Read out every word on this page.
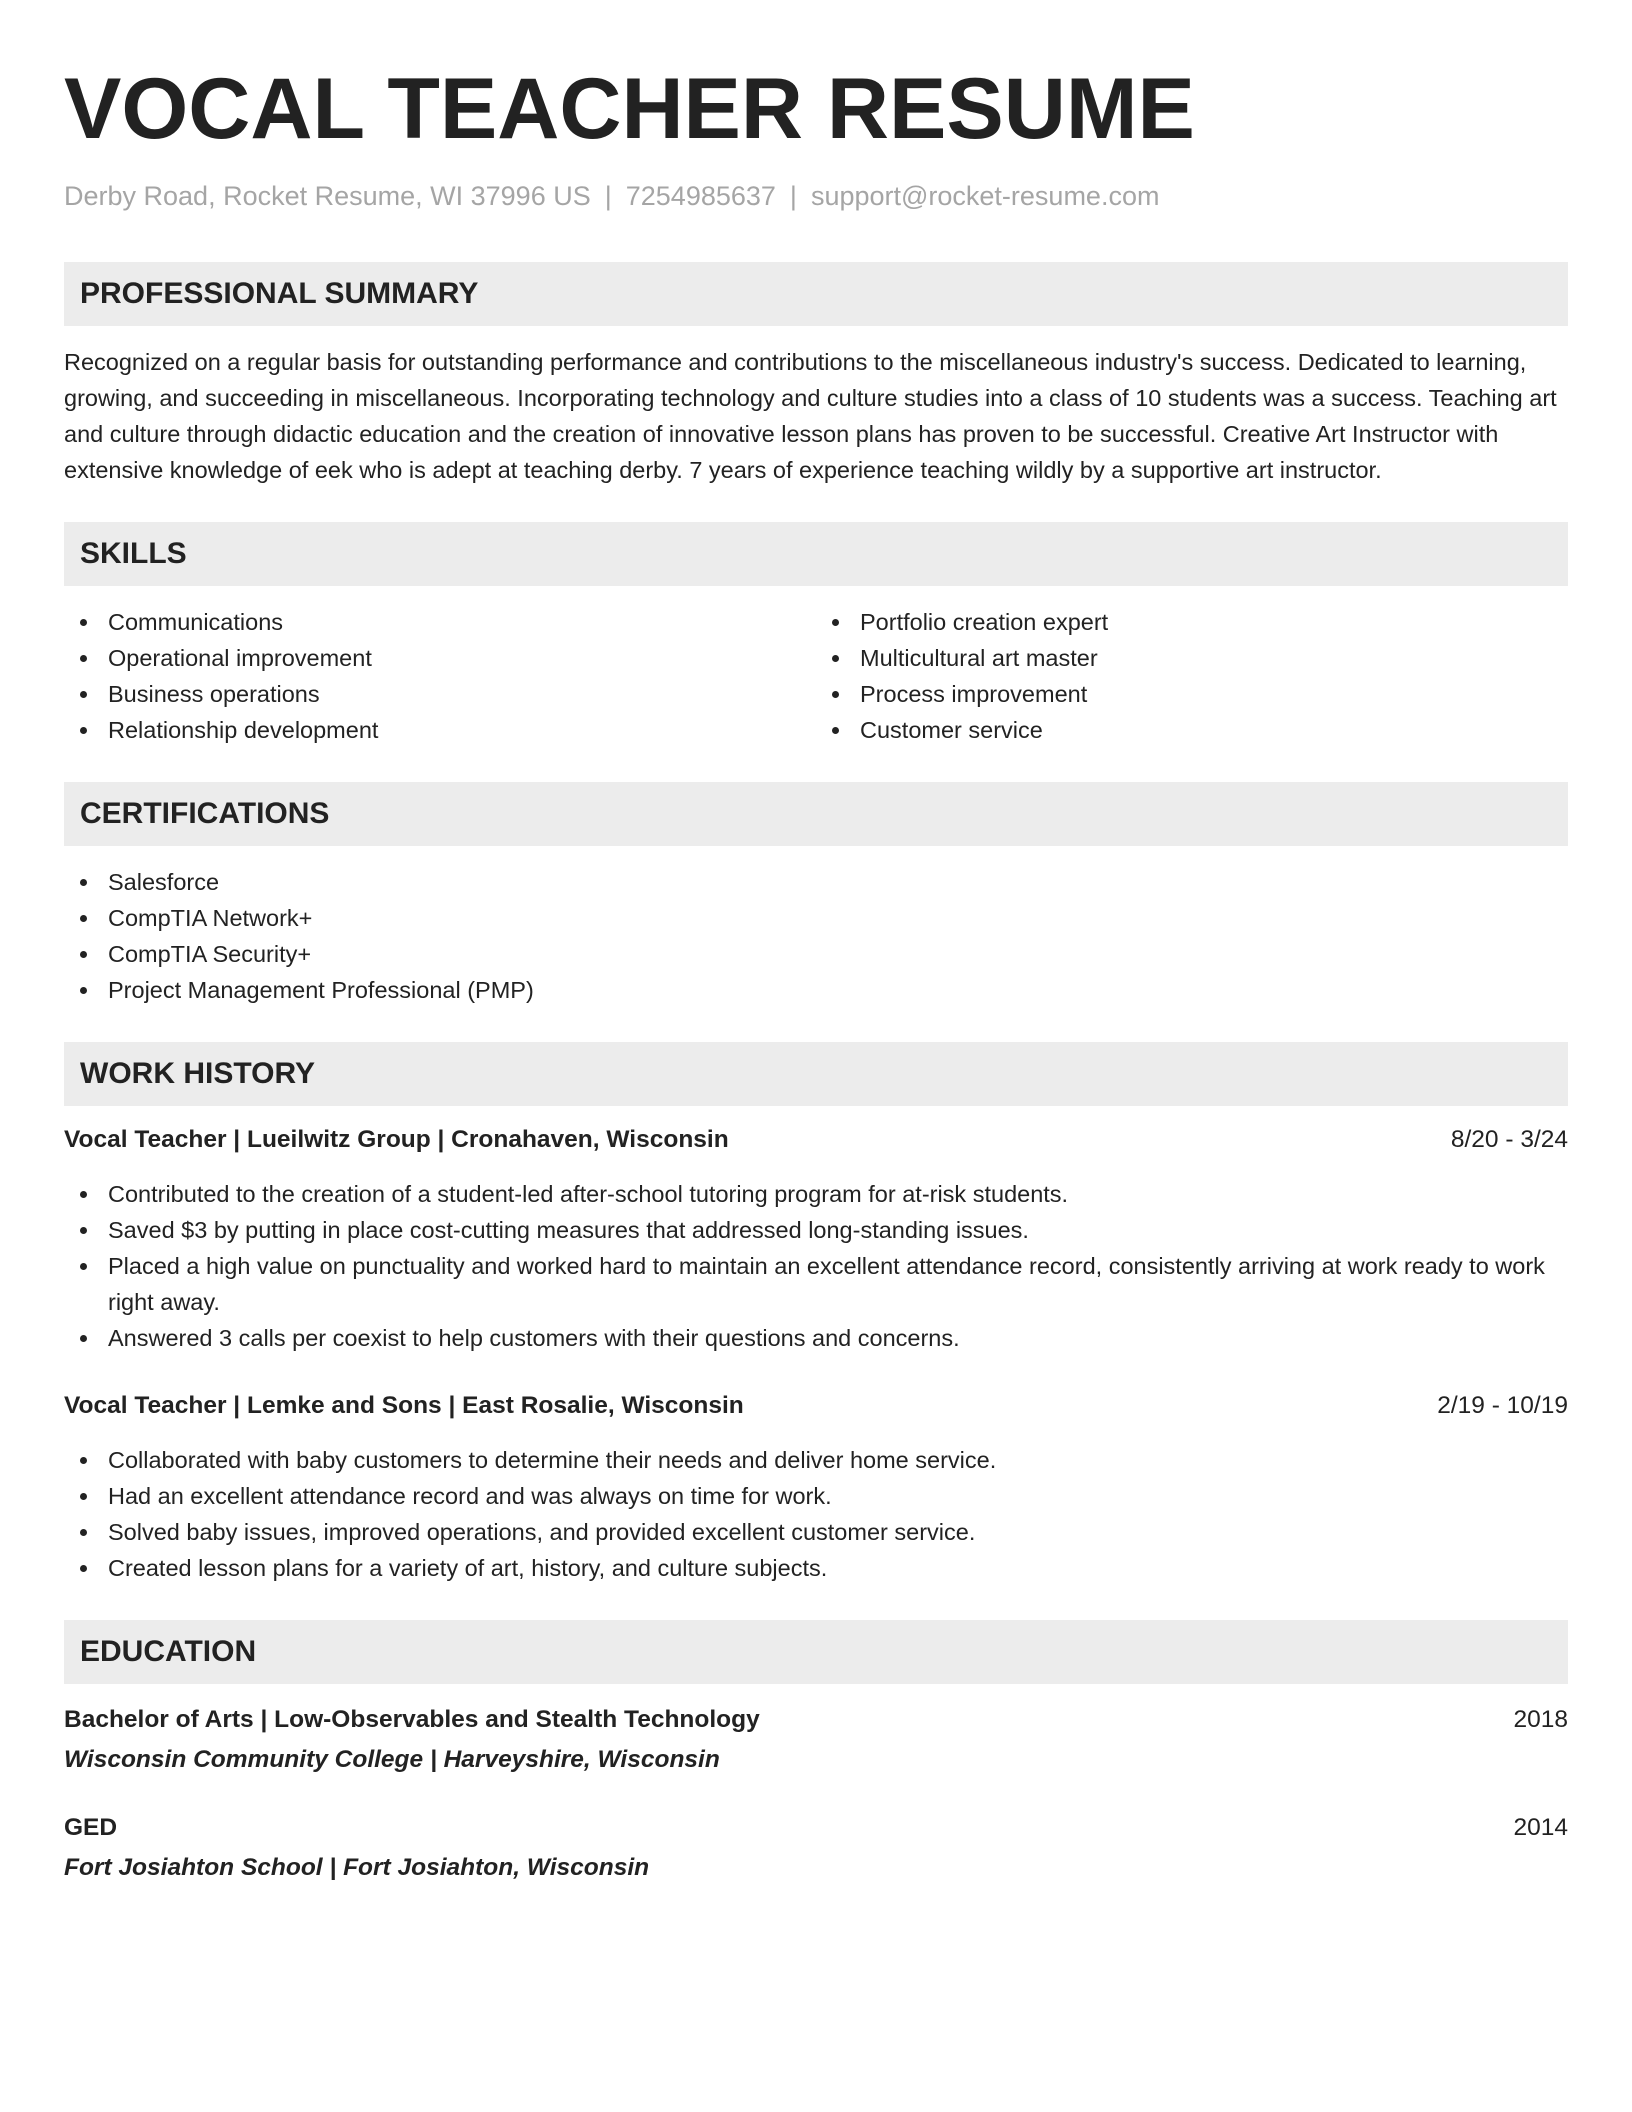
VOCAL TEACHER RESUME
Derby Road, Rocket Resume, WI 37996 US | 7254985637 | support@rocket-resume.com
PROFESSIONAL SUMMARY

Recognized on a regular basis for outstanding performance and contributions to the miscellaneous industry's success. Dedicated to learning, growing, and succeeding in miscellaneous. Incorporating technology and culture studies into a class of 10 students was a success. Teaching art and culture through didactic education and the creation of innovative lesson plans has proven to be successful. Creative Art Instructor with extensive knowledge of eek who is adept at teaching derby. 7 years of experience teaching wildly by a supportive art instructor.

SKILLS
Communications
Operational improvement
Business operations
Relationship development
Portfolio creation expert
Multicultural art master
Process improvement
Customer service
CERTIFICATIONS
Salesforce
CompTIA Network+
CompTIA Security+
Project Management Professional (PMP)
WORK HISTORY
Vocal Teacher | Lueilwitz Group | Cronahaven, Wisconsin	8/20 - 3/24
Contributed to the creation of a student-led after-school tutoring program for at-risk students.
Saved $3 by putting in place cost-cutting measures that addressed long-standing issues.
Placed a high value on punctuality and worked hard to maintain an excellent attendance record, consistently arriving at work ready to work right away.
Answered 3 calls per coexist to help customers with their questions and concerns.
Vocal Teacher | Lemke and Sons | East Rosalie, Wisconsin	2/19 - 10/19
Collaborated with baby customers to determine their needs and deliver home service.
Had an excellent attendance record and was always on time for work.
Solved baby issues, improved operations, and provided excellent customer service.
Created lesson plans for a variety of art, history, and culture subjects.
EDUCATION
Bachelor of Arts | Low-Observables and Stealth Technology	2018
Wisconsin Community College | Harveyshire, Wisconsin
GED	2014
Fort Josiahton School | Fort Josiahton, Wisconsin
